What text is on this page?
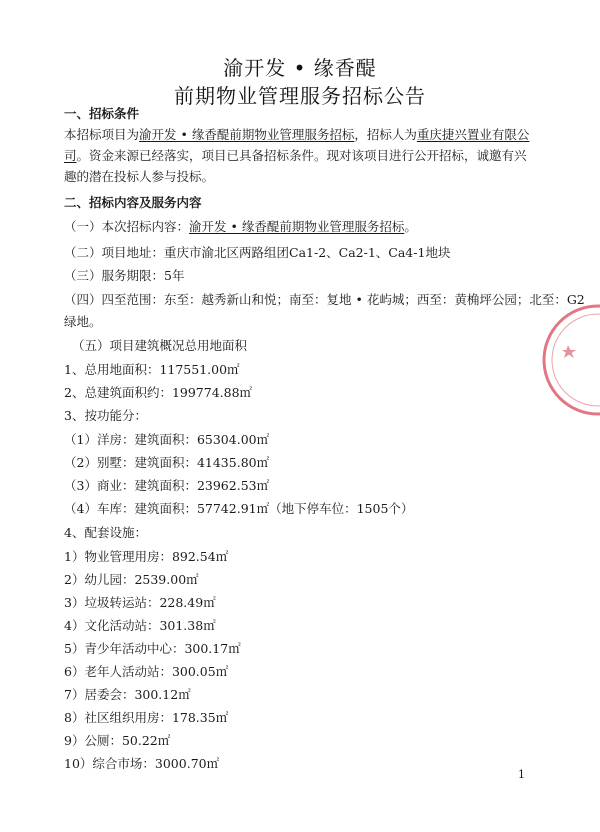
渝开发 • 缘香醍
前期物业管理服务招标公告
一、招标条件
本招标项目为渝开发 • 缘香醍前期物业管理服务招标，招标人为重庆捷兴置业有限公司。资金来源已经落实，项目已具备招标条件。现对该项目进行公开招标，诚邀有兴趣的潜在投标人参与投标。
二、招标内容及服务内容
（一）本次招标内容：渝开发 • 缘香醍前期物业管理服务招标。
（二）项目地址：重庆市渝北区两路组团Ca1-2、Ca2-1、Ca4-1地块
（三）服务期限：5年
（四）四至范围：东至：越秀新山和悦；南至：复地 • 花屿城；西至：黄桷坪公园；北至：G2
绿地。
（五）项目建筑概况总用地面积
1、总用地面积：117551.00㎡
2、总建筑面积约：199774.88㎡
3、按功能分：
（1）洋房：建筑面积：65304.00㎡
（2）别墅：建筑面积：41435.80㎡
（3）商业：建筑面积：23962.53㎡
（4）车库：建筑面积：57742.91㎡（地下停车位：1505个）
4、配套设施：
1）物业管理用房：892.54㎡
2）幼儿园：2539.00㎡
3）垃圾转运站：228.49㎡
4）文化活动站：301.38㎡
5）青少年活动中心：300.17㎡
6）老年人活动站：300.05㎡
7）居委会：300.12㎡
8）社区组织用房：178.35㎡
9）公厕：50.22㎡
10）综合市场：3000.70㎡
1
